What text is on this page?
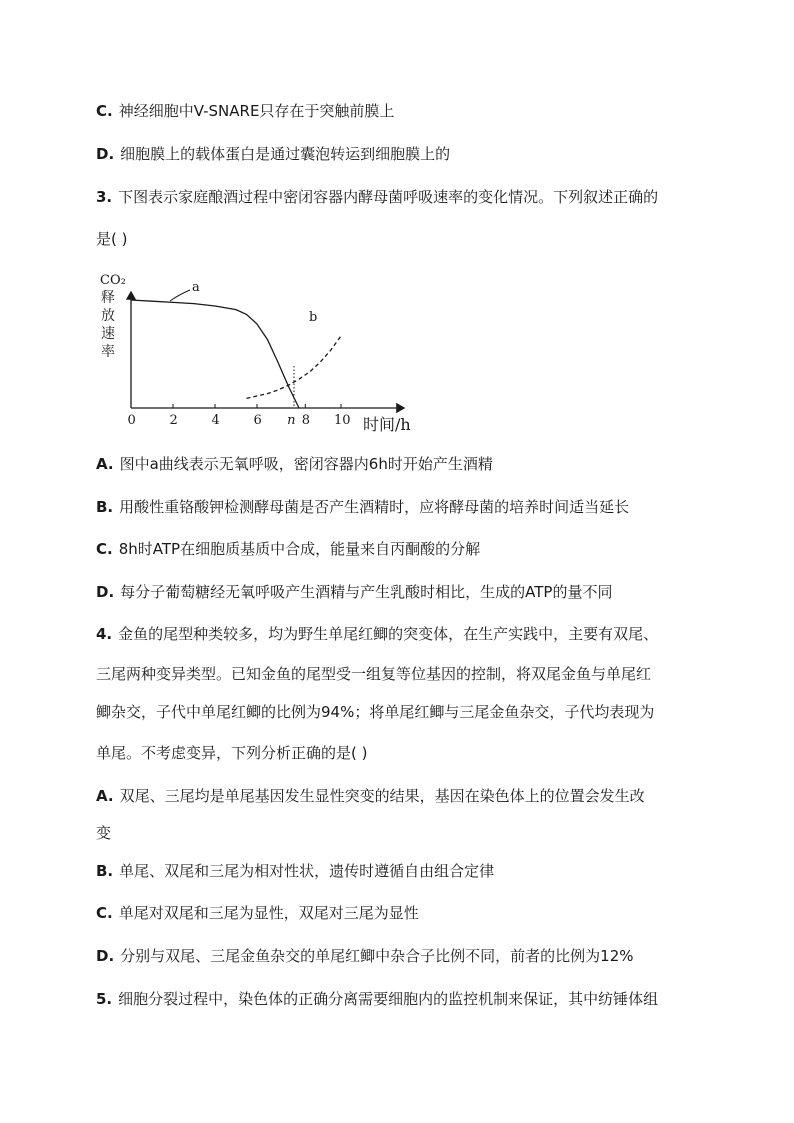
C. 神经细胞中V-SNARE只存在于突触前膜上
D. 细胞膜上的载体蛋白是通过囊泡转运到细胞膜上的
3. 下图表示家庭酿酒过程中密闭容器内酵母菌呼吸速率的变化情况。下列叙述正确的
是( )
CO₂
释
放
速
率
0	2	4	6 n 8 10 时间/h
a
b
A. 图中a曲线表示无氧呼吸，密闭容器内6h时开始产生酒精
B. 用酸性重铬酸钾检测酵母菌是否产生酒精时，应将酵母菌的培养时间适当延长
C. 8h时ATP在细胞质基质中合成，能量来自丙酮酸的分解
D. 每分子葡萄糖经无氧呼吸产生酒精与产生乳酸时相比，生成的ATP的量不同
4. 金鱼的尾型种类较多，均为野生单尾红鲫的突变体，在生产实践中，主要有双尾、
三尾两种变异类型。已知金鱼的尾型受一组复等位基因的控制，将双尾金鱼与单尾红
鲫杂交，子代中单尾红鲫的比例为94%；将单尾红鲫与三尾金鱼杂交，子代均表现为
单尾。不考虑变异，下列分析正确的是( )
A. 双尾、三尾均是单尾基因发生显性突变的结果，基因在染色体上的位置会发生改
变
B. 单尾、双尾和三尾为相对性状，遗传时遵循自由组合定律
C. 单尾对双尾和三尾为显性，双尾对三尾为显性
D. 分别与双尾、三尾金鱼杂交的单尾红鲫中杂合子比例不同，前者的比例为12%
5. 细胞分裂过程中，染色体的正确分离需要细胞内的监控机制来保证，其中纺锤体组
